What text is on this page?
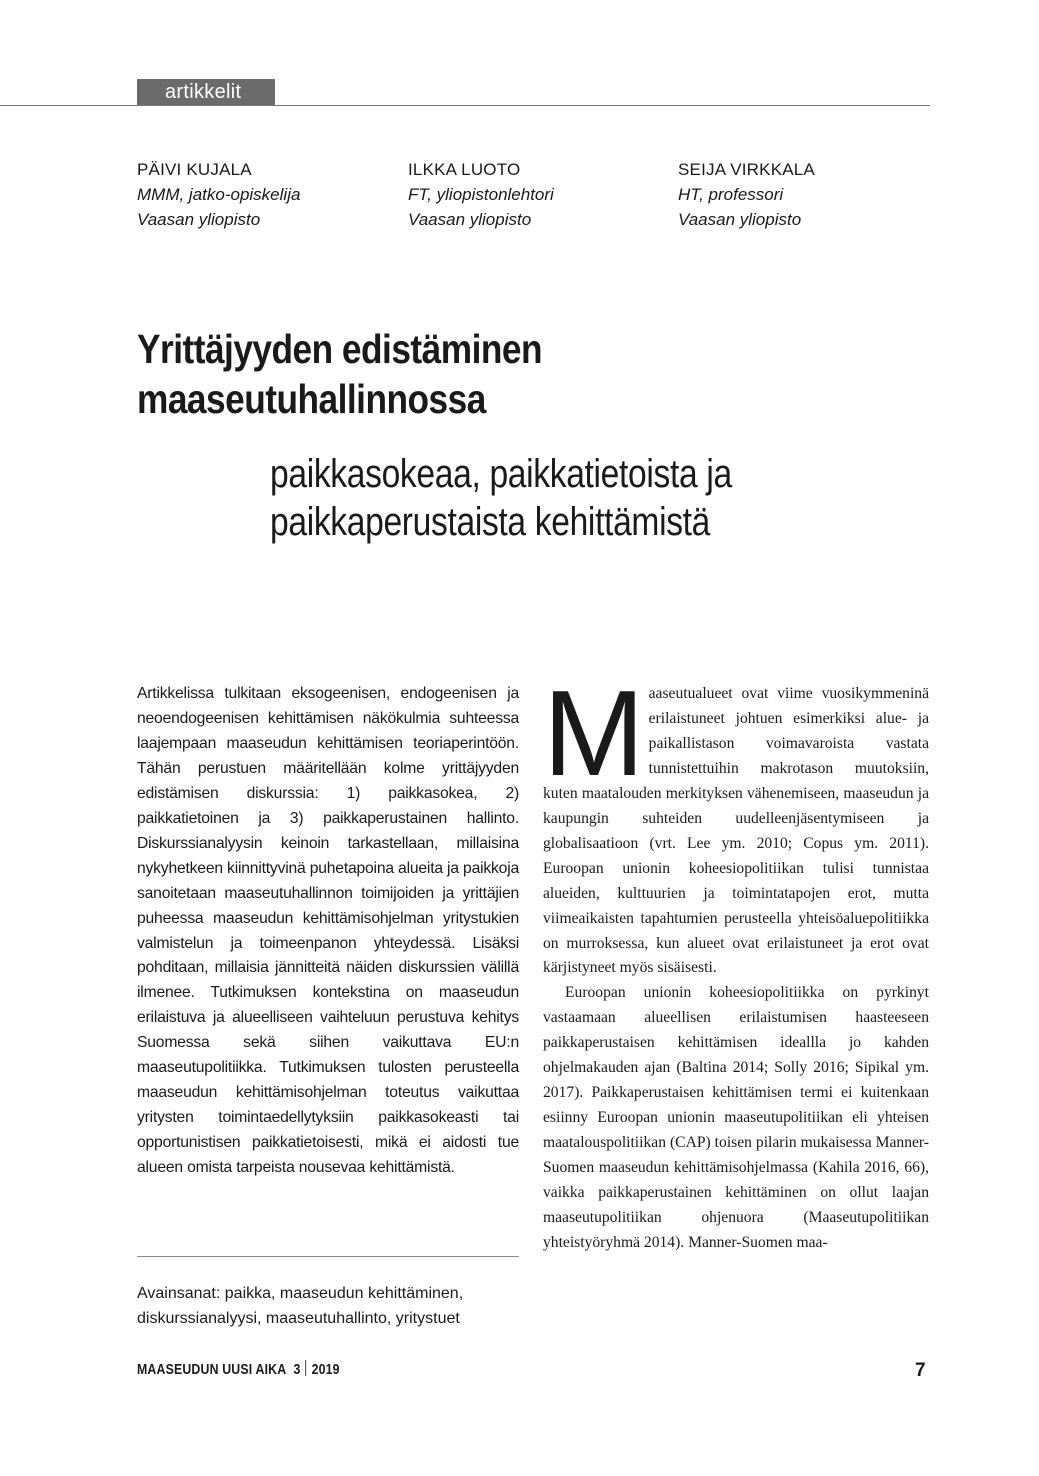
artikkelit
PÄIVI KUJALA
MMM, jatko-opiskelija
Vaasan yliopisto
ILKKA LUOTO
FT, yliopistonlehtori
Vaasan yliopisto
SEIJA VIRKKALA
HT, professori
Vaasan yliopisto
Yrittäjyyden edistäminen
maaseutuhallinnossa
paikkasokeaa, paikkatietoista ja
paikkaperustaista kehittämistä

Artikkelissa tulkitaan eksogeenisen, endogeenisen ja neoendogeenisen kehittämisen näkökulmia suhteessa laajempaan maaseudun kehittämisen teoriaperintöön. Tähän perustuen määritellään kolme yrittäjyyden edistämisen diskurssia: 1) paikkasokea, 2) paikkatietoinen ja 3) paikkaperustainen hallinto. Diskurssianalyysin keinoin tarkastellaan, millaisina nykyhetkeen kiinnittyvinä puhetapoina alueita ja paikkoja sanoitetaan maaseutuhallinnon toimijoiden ja yrittäjien puheessa maaseudun kehittämisohjelman yritystukien valmistelun ja toimeenpanon yhteydessä. Lisäksi pohditaan, millaisia jännitteitä näiden diskurssien välillä ilmenee. Tutkimuksen kontekstina on maaseudun erilaistuva ja alueelliseen vaihteluun perustuva kehitys Suomessa sekä siihen vaikuttava EU:n maaseutupolitiikka. Tutkimuksen tulosten perusteella maaseudun kehittämisohjelman toteutus vaikuttaa yritysten toimintaedellytyksiin paikkasokeasti tai opportunistisen paikkatietoisesti, mikä ei aidosti tue alueen omista tarpeista nousevaa kehittämistä.

Avainsanat: paikka, maaseudun kehittäminen,
diskurssianalyysi, maaseutuhallinto, yritystuet

Maaseutualueet ovat viime vuosikymmeninä erilaistuneet johtuen esimerkiksi alue- ja paikallistason voimavaroista vastata tunnistettuihin makrotason muutoksiin, kuten maatalouden merkityksen vähenemiseen, maaseudun ja kaupungin suhteiden uudelleenjäsentymiseen ja globalisaatioon (vrt. Lee ym. 2010; Copus ym. 2011). Euroopan unionin koheesiopolitiikan tulisi tunnistaa alueiden, kulttuurien ja toimintatapojen erot, mutta viimeaikaisten tapahtumien perusteella yhteisöaluepolitiikka on murroksessa, kun alueet ovat erilaistuneet ja erot ovat kärjistyneet myös sisäisesti.

Euroopan unionin koheesiopolitiikka on pyrkinyt vastaamaan alueellisen erilaistumisen haasteeseen paikkaperustaisen kehittämisen ideallla jo kahden ohjelmakauden ajan (Baltina 2014; Solly 2016; Sipikal ym. 2017). Paikkaperustaisen kehittämisen termi ei kuitenkaan esiinny Euroopan unionin maaseutupolitiikan eli yhteisen maatalouspolitiikan (CAP) toisen pilarin mukaisessa Manner-Suomen maaseudun kehittämisohjelmassa (Kahila 2016, 66), vaikka paikkaperustainen kehittäminen on ollut laajan maaseutupolitiikan ohjenuora (Maaseutupolitiikan yhteistyöryhmä 2014). Manner-Suomen maa-

MAASEUDUN UUSI AIKA 3 2019	7
